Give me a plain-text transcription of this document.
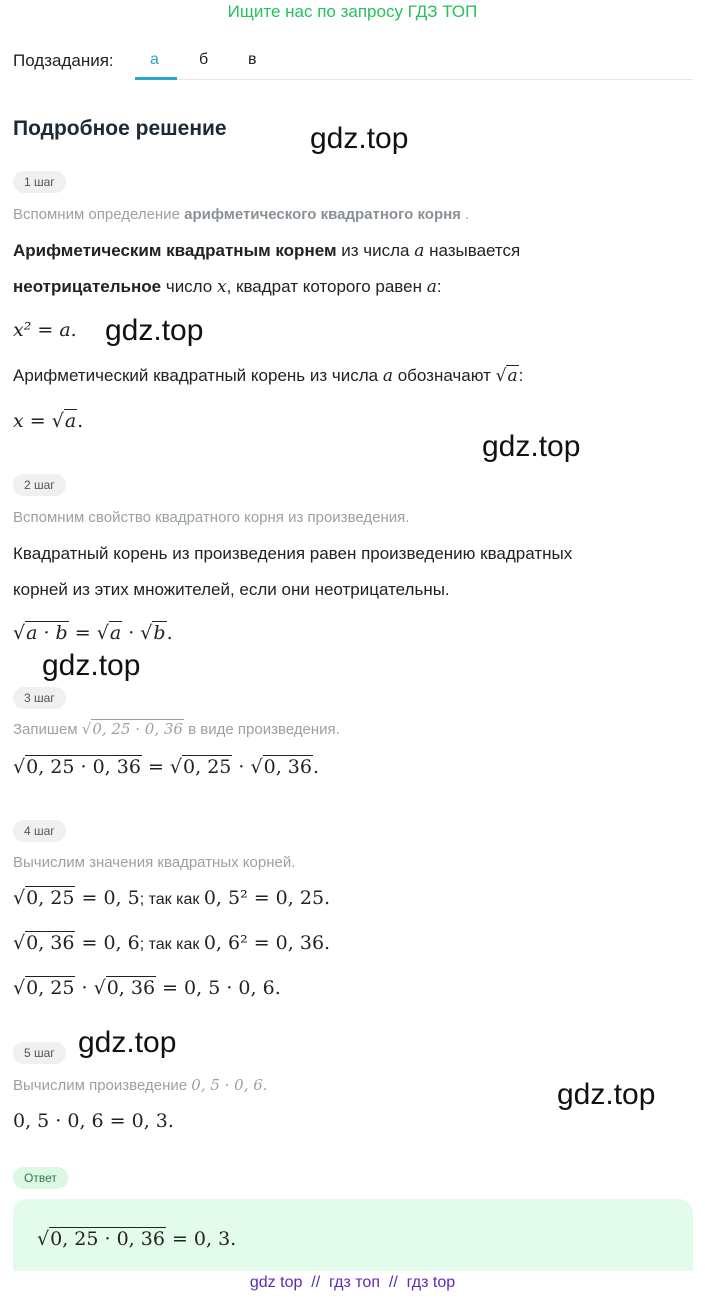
Ищите нас по запросу ГДЗ ТОП
Подзадания: а	б в
Подробное решение	gdz.top
gdz.top
gdz.top
gdz.top
gdz.top
gdz.top
1 шаг
Вспомним определение арифметического квадратного корня .
Арифметическим квадратным корнем из числа a называется
неотрицательное число x, квадрат которого равен a:
x² = a.
Арифметический квадратный корень из числа a обозначают √a:
x = √a.
2 шаг
Вспомним свойство квадратного корня из произведения.
Квадратный корень из произведения равен произведению квадратных
корней из этих множителей, если они неотрицательны.
√a · b = √a · √b.
3 шаг
Запишем √0, 25 · 0, 36 в виде произведения.
√0, 25 · 0, 36 = √0, 25 · √0, 36.
4 шаг
Вычислим значения квадратных корней.
√0, 25 = 0, 5; так как 0, 5² = 0, 25.
√0, 36 = 0, 6; так как 0, 6² = 0, 36.
√0, 25 · √0, 36 = 0, 5 · 0, 6.
5 шаг
Вычислим произведение 0, 5 · 0, 6.
0, 5 · 0, 6 = 0, 3.
Ответ
√0, 25 · 0, 36 = 0, 3.
gdz top  //  гдз топ  //  гдз top
